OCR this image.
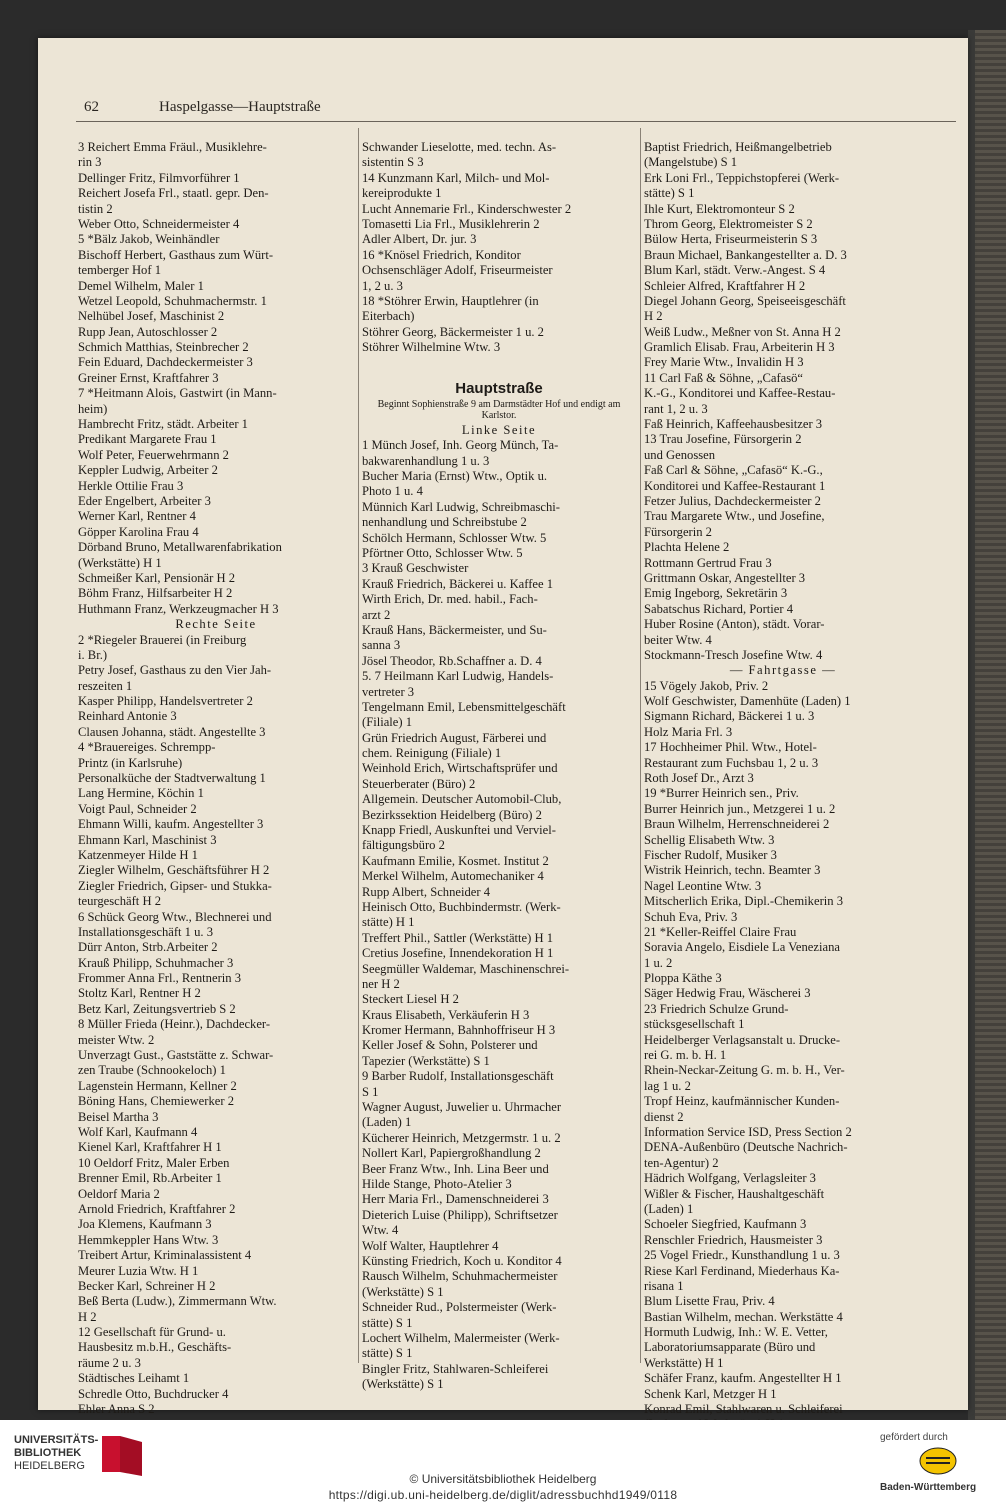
62	Haspelgasse—Hauptstraße
3 Reichert Emma Fräul., Musiklehre-
rin 3
Dellinger Fritz, Filmvorführer 1
Reichert Josefa Frl., staatl. gepr. Den-
tistin 2
Weber Otto, Schneidermeister 4
5 *Bälz Jakob, Weinhändler
Bischoff Herbert, Gasthaus zum Würt-
temberger Hof 1
Demel Wilhelm, Maler 1
Wetzel Leopold, Schuhmachermstr. 1
Nelhübel Josef, Maschinist 2
Rupp Jean, Autoschlosser 2
Schmich Matthias, Steinbrecher 2
Fein Eduard, Dachdeckermeister 3
Greiner Ernst, Kraftfahrer 3
7 *Heitmann Alois, Gastwirt (in Mann-
heim)
Hambrecht Fritz, städt. Arbeiter 1
Predikant Margarete Frau 1
Wolf Peter, Feuerwehrmann 2
Keppler Ludwig, Arbeiter 2
Herkle Ottilie Frau 3
Eder Engelbert, Arbeiter 3
Werner Karl, Rentner 4
Göpper Karolina Frau 4
Dörband Bruno, Metallwarenfabrikation
(Werkstätte) H 1
Schmeißer Karl, Pensionär H 2
Böhm Franz, Hilfsarbeiter H 2
Huthmann Franz, Werkzeugmacher H 3
Rechte Seite
2 *Riegeler Brauerei (in Freiburg
i. Br.)
Petry Josef, Gasthaus zu den Vier Jah-
reszeiten 1
Kasper Philipp, Handelsvertreter 2
Reinhard Antonie 3
Clausen Johanna, städt. Angestellte 3
4 *Brauereiges. Schrempp-
Printz (in Karlsruhe)
Personalküche der Stadtverwaltung 1
Lang Hermine, Köchin 1
Voigt Paul, Schneider 2
Ehmann Willi, kaufm. Angestellter 3
Ehmann Karl, Maschinist 3
Katzenmeyer Hilde H 1
Ziegler Wilhelm, Geschäftsführer H 2
Ziegler Friedrich, Gipser- und Stukka-
teurgeschäft H 2
6 Schück Georg Wtw., Blechnerei und
Installationsgeschäft 1 u. 3
Dürr Anton, Strb.Arbeiter 2
Krauß Philipp, Schuhmacher 3
Frommer Anna Frl., Rentnerin 3
Stoltz Karl, Rentner H 2
Betz Karl, Zeitungsvertrieb S 2
8 Müller Frieda (Heinr.), Dachdecker-
meister Wtw. 2
Unverzagt Gust., Gaststätte z. Schwar-
zen Traube (Schnookeloch) 1
Lagenstein Hermann, Kellner 2
Böning Hans, Chemiewerker 2
Beisel Martha 3
Wolf Karl, Kaufmann 4
Kienel Karl, Kraftfahrer H 1
10 Oeldorf Fritz, Maler Erben
Brenner Emil, Rb.Arbeiter 1
Oeldorf Maria 2
Arnold Friedrich, Kraftfahrer 2
Joa Klemens, Kaufmann 3
Hemmkeppler Hans Wtw. 3
Treibert Artur, Kriminalassistent 4
Meurer Luzia Wtw. H 1
Becker Karl, Schreiner H 2
Beß Berta (Ludw.), Zimmermann Wtw.
H 2
12 Gesellschaft für Grund- u.
Hausbesitz m.b.H., Geschäfts-
räume 2 u. 3
Städtisches Leihamt 1
Schredle Otto, Buchdrucker 4
Ehler Anna S 2
Schwander Lieselotte, med. techn. As-
sistentin S 3
14 Kunzmann Karl, Milch- und Mol-
kereiprodukte 1
Lucht Annemarie Frl., Kinderschwester 2
Tomasetti Lia Frl., Musiklehrerin 2
Adler Albert, Dr. jur. 3
16 *Knösel Friedrich, Konditor
Ochsenschläger Adolf, Friseurmeister
1, 2 u. 3
18 *Stöhrer Erwin, Hauptlehrer (in
Eiterbach)
Stöhrer Georg, Bäckermeister 1 u. 2
Stöhrer Wilhelmine Wtw. 3
Hauptstraße
Beginnt Sophienstraße 9 am Darmstädter Hof und endigt am Karlstor.
Linke Seite
1 Münch Josef, Inh. Georg Münch, Ta-
bakwarenhandlung 1 u. 3
Bucher Maria (Ernst) Wtw., Optik u.
Photo 1 u. 4
Münnich Karl Ludwig, Schreibmaschi-
nenhandlung und Schreibstube 2
Schölch Hermann, Schlosser Wtw. 5
Pförtner Otto, Schlosser Wtw. 5
3 Krauß Geschwister
Krauß Friedrich, Bäckerei u. Kaffee 1
Wirth Erich, Dr. med. habil., Fach-
arzt 2
Krauß Hans, Bäckermeister, und Su-
sanna 3
Jösel Theodor, Rb.Schaffner a. D. 4
5. 7 Heilmann Karl Ludwig, Handels-
vertreter 3
Tengelmann Emil, Lebensmittelgeschäft
(Filiale) 1
Grün Friedrich August, Färberei und
chem. Reinigung (Filiale) 1
Weinhold Erich, Wirtschaftsprüfer und
Steuerberater (Büro) 2
Allgemein. Deutscher Automobil-Club,
Bezirkssektion Heidelberg (Büro) 2
Knapp Friedl, Auskunftei und Verviel-
fältigungsbüro 2
Kaufmann Emilie, Kosmet. Institut 2
Merkel Wilhelm, Automechaniker 4
Rupp Albert, Schneider 4
Heinisch Otto, Buchbindermstr. (Werk-
stätte) H 1
Treffert Phil., Sattler (Werkstätte) H 1
Cretius Josefine, Innendekoration H 1
Seegmüller Waldemar, Maschinenschrei-
ner H 2
Steckert Liesel H 2
Kraus Elisabeth, Verkäuferin H 3
Kromer Hermann, Bahnhoffriseur H 3
Keller Josef & Sohn, Polsterer und
Tapezier (Werkstätte) S 1
9 Barber Rudolf, Installationsgeschäft
S 1
Wagner August, Juwelier u. Uhrmacher
(Laden) 1
Kücherer Heinrich, Metzgermstr. 1 u. 2
Nollert Karl, Papiergroßhandlung 2
Beer Franz Wtw., Inh. Lina Beer und
Hilde Stange, Photo-Atelier 3
Herr Maria Frl., Damenschneiderei 3
Dieterich Luise (Philipp), Schriftsetzer
Wtw. 4
Wolf Walter, Hauptlehrer 4
Künsting Friedrich, Koch u. Konditor 4
Rausch Wilhelm, Schuhmachermeister
(Werkstätte) S 1
Schneider Rud., Polstermeister (Werk-
stätte) S 1
Lochert Wilhelm, Malermeister (Werk-
stätte) S 1
Bingler Fritz, Stahlwaren-Schleiferei
(Werkstätte) S 1
Baptist Friedrich, Heißmangelbetrieb
(Mangelstube) S 1
Erk Loni Frl., Teppichstopferei (Werk-
stätte) S 1
Ihle Kurt, Elektromonteur S 2
Throm Georg, Elektromeister S 2
Bülow Herta, Friseurmeisterin S 3
Braun Michael, Bankangestellter a. D. 3
Blum Karl, städt. Verw.-Angest. S 4
Schleier Alfred, Kraftfahrer H 2
Diegel Johann Georg, Speiseeisgeschäft
H 2
Weiß Ludw., Meßner von St. Anna H 2
Gramlich Elisab. Frau, Arbeiterin H 3
Frey Marie Wtw., Invalidin H 3
11 Carl Faß & Söhne, „Cafasö“
K.-G., Konditorei und Kaffee-Restau-
rant 1, 2 u. 3
Faß Heinrich, Kaffeehausbesitzer 3
13 Trau Josefine, Fürsorgerin 2
und Genossen
Faß Carl & Söhne, „Cafasö“ K.-G.,
Konditorei und Kaffee-Restaurant 1
Fetzer Julius, Dachdeckermeister 2
Trau Margarete Wtw., und Josefine,
Fürsorgerin 2
Plachta Helene 2
Rottmann Gertrud Frau 3
Grittmann Oskar, Angestellter 3
Emig Ingeborg, Sekretärin 3
Sabatschus Richard, Portier 4
Huber Rosine (Anton), städt. Vorar-
beiter Wtw. 4
Stockmann-Tresch Josefine Wtw. 4
— Fahrtgasse —
15 Vögely Jakob, Priv. 2
Wolf Geschwister, Damenhüte (Laden) 1
Sigmann Richard, Bäckerei 1 u. 3
Holz Maria Frl. 3
17 Hochheimer Phil. Wtw., Hotel-
Restaurant zum Fuchsbau 1, 2 u. 3
Roth Josef Dr., Arzt 3
19 *Burrer Heinrich sen., Priv.
Burrer Heinrich jun., Metzgerei 1 u. 2
Braun Wilhelm, Herrenschneiderei 2
Schellig Elisabeth Wtw. 3
Fischer Rudolf, Musiker 3
Wistrik Heinrich, techn. Beamter 3
Nagel Leontine Wtw. 3
Mitscherlich Erika, Dipl.-Chemikerin 3
Schuh Eva, Priv. 3
21 *Keller-Reiffel Claire Frau
Soravia Angelo, Eisdiele La Veneziana
1 u. 2
Ploppa Käthe 3
Säger Hedwig Frau, Wäscherei 3
23 Friedrich Schulze Grund-
stücksgesellschaft 1
Heidelberger Verlagsanstalt u. Drucke-
rei G. m. b. H. 1
Rhein-Neckar-Zeitung G. m. b. H., Ver-
lag 1 u. 2
Tropf Heinz, kaufmännischer Kunden-
dienst 2
Information Service ISD, Press Section 2
DENA-Außenbüro (Deutsche Nachrich-
ten-Agentur) 2
Hädrich Wolfgang, Verlagsleiter 3
Wißler & Fischer, Haushaltgeschäft
(Laden) 1
Schoeler Siegfried, Kaufmann 3
Renschler Friedrich, Hausmeister 3
25 Vogel Friedr., Kunsthandlung 1 u. 3
Riese Karl Ferdinand, Miederhaus Ka-
risana 1
Blum Lisette Frau, Priv. 4
Bastian Wilhelm, mechan. Werkstätte 4
Hormuth Ludwig, Inh.: W. E. Vetter,
Laboratoriumsapparate (Büro und
Werkstätte) H 1
Schäfer Franz, kaufm. Angestellter H 1
Schenk Karl, Metzger H 1
Konrad Emil, Stahlwaren u. Schleiferei
UNIVERSITÄTS-
BIBLIOTHEK
HEIDELBERG
© Universitätsbibliothek Heidelberg
https://digi.ub.uni-heidelberg.de/diglit/adressbuchhd1949/0118
gefördert durch
Baden-Württemberg
